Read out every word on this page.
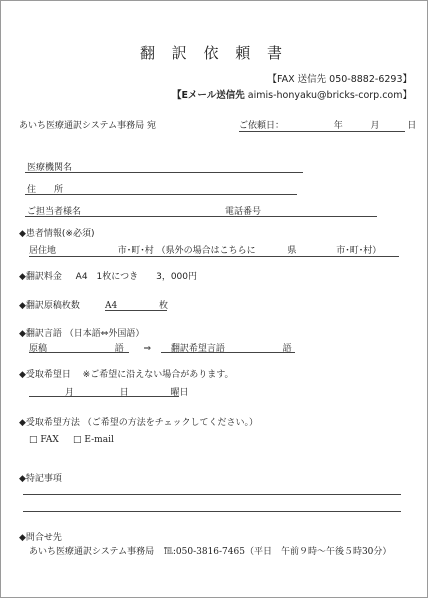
翻 訳 依 頼 書
【FAX 送信先 050-8882-6293】
【Eメール送信先 aimis-honyaku@bricks-corp.com】
あいち医療通訳システム事務局 宛	ご依頼日：	年	月	日
医療機関名
住　　所
ご担当者様名	電話番号
◆患者情報(※必須)
居住地	市･町･村 （県外の場合はこちらに	県	市･町･村）
◆翻訳料金 A4　1枚につき　　3，000円
◆翻訳原稿枚数	A4	枚
◆翻訳言語 （日本語⇔外国語）
原稿	語 ⇒ 翻訳希望言語	語
◆受取希望日 ※ご希望に沿えない場合があります。
月	日	曜日
◆受取希望方法 （ご希望の方法をチェックしてください。）
□ FAX □ E-mail
◆特記事項
◆問合せ先
あいち医療通訳システム事務局 ℡:050-3816-7465（平日　午前９時～午後５時30分）
